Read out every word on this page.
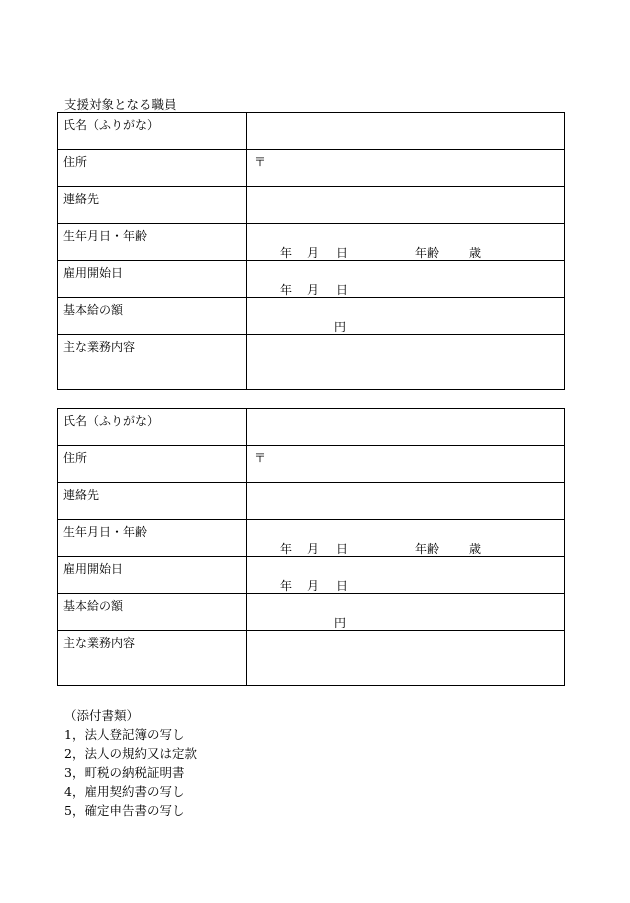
支援対象となる職員
氏名（ふりがな）	

住所	〒

連絡先	

生年月日・年齢	年 月 日 年齢 歳

雇用開始日	年 月 日

基本給の額	円

主な業務内容	

氏名（ふりがな）	

住所	〒

連絡先	

生年月日・年齢	年 月 日 年齢 歳

雇用開始日	年 月 日

基本給の額	円

主な業務内容	

（添付書類）
1，法人登記簿の写し
2，法人の規約又は定款
3，町税の納税証明書
4，雇用契約書の写し
5，確定申告書の写し
